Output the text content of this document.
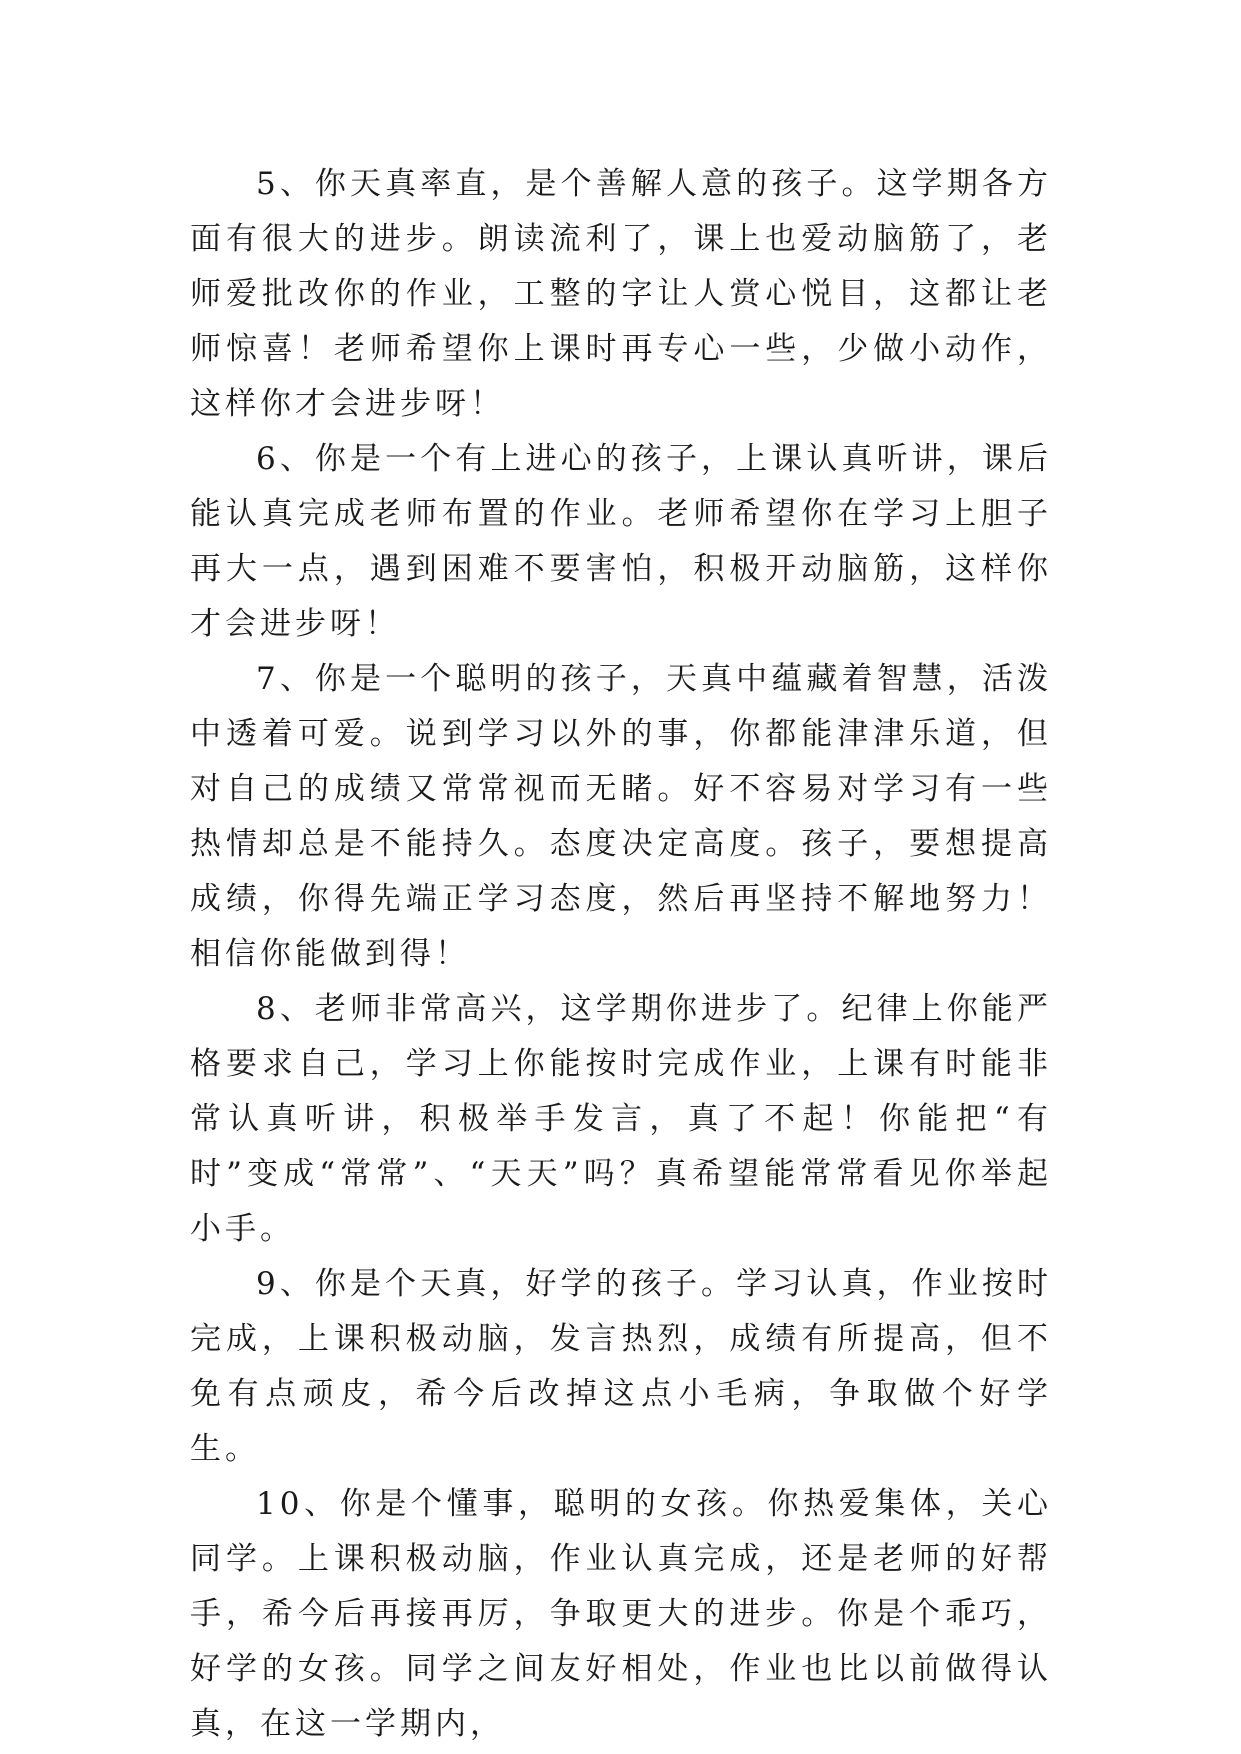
5、你天真率直，是个善解人意的孩子。这学期各方面有很大的进步。朗读流利了，课上也爱动脑筋了，老师爱批改你的作业，工整的字让人赏心悦目，这都让老师惊喜！老师希望你上课时再专心一些，少做小动作，这样你才会进步呀！

6、你是一个有上进心的孩子，上课认真听讲，课后能认真完成老师布置的作业。老师希望你在学习上胆子再大一点，遇到困难不要害怕，积极开动脑筋，这样你才会进步呀！

7、你是一个聪明的孩子，天真中蕴藏着智慧，活泼中透着可爱。说到学习以外的事，你都能津津乐道，但对自己的成绩又常常视而无睹。好不容易对学习有一些热情却总是不能持久。态度决定高度。孩子，要想提高成绩，你得先端正学习态度，然后再坚持不解地努力！相信你能做到得！

8、老师非常高兴，这学期你进步了。纪律上你能严格要求自己，学习上你能按时完成作业，上课有时能非常认真听讲，积极举手发言，真了不起！你能把“有时”变成“常常”、“天天”吗？真希望能常常看见你举起小手。

9、你是个天真，好学的孩子。学习认真，作业按时完成，上课积极动脑，发言热烈，成绩有所提高，但不免有点顽皮，希今后改掉这点小毛病，争取做个好学生。

10、你是个懂事，聪明的女孩。你热爱集体，关心同学。上课积极动脑，作业认真完成，还是老师的好帮手，希今后再接再厉，争取更大的进步。你是个乖巧，好学的女孩。同学之间友好相处，作业也比以前做得认真，在这一学期内，
